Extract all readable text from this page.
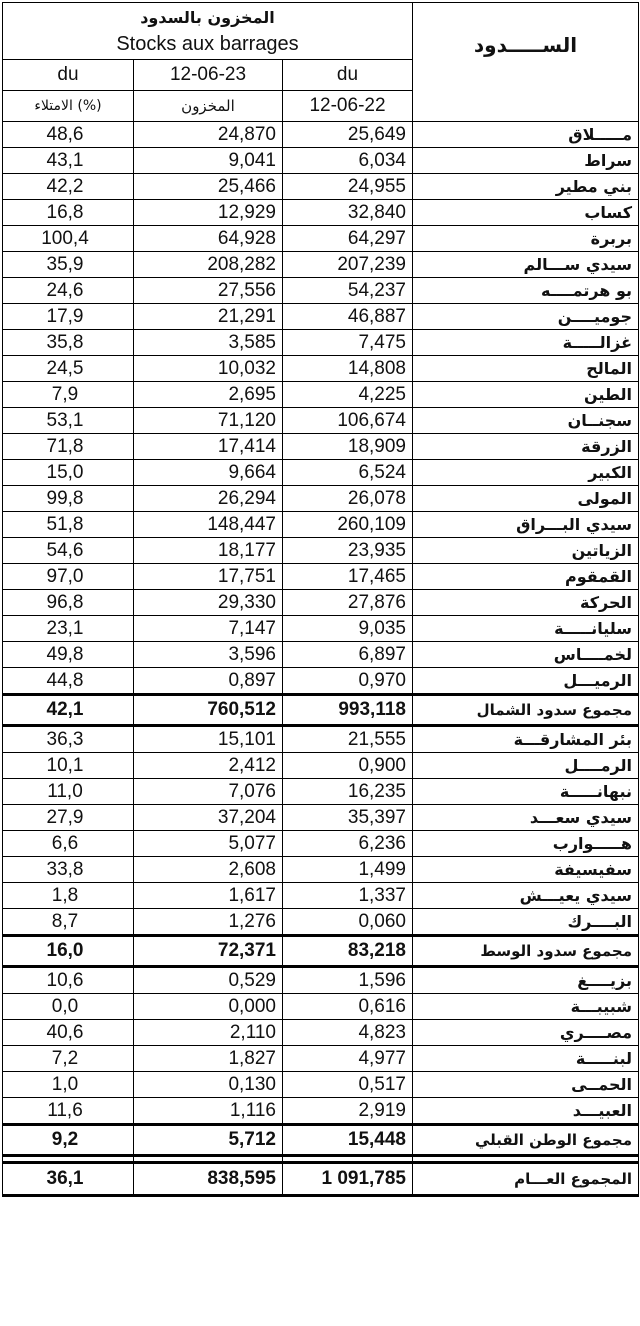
المخزون بالسدود
Stocks aux barrages			الســـــدود
du	12-06-23	du	
الامتلاء (%)	المخزون	12-06-22	
48,6	24,870	25,649	مـــــلاق
43,1	9,041	6,034	سراط
42,2	25,466	24,955	بني مطير
16,8	12,929	32,840	كساب
100,4	64,928	64,297	بربرة
35,9	208,282	207,239	سيدي ســـالم
24,6	27,556	54,237	بو هرتمــــه
17,9	21,291	46,887	جوميــــن
35,8	3,585	7,475	غزالـــــة
24,5	10,032	14,808	المالح
7,9	2,695	4,225	الطين
53,1	71,120	106,674	سجنــان
71,8	17,414	18,909	الزرقة
15,0	9,664	6,524	الكبير
99,8	26,294	26,078	المولى
51,8	148,447	260,109	سيدي البـــراق
54,6	18,177	23,935	الزياتين
97,0	17,751	17,465	القمقوم
96,8	29,330	27,876	الحركة
23,1	7,147	9,035	سليانـــــة
49,8	3,596	6,897	لخمــــاس
44,8	0,897	0,970	الرميـــل
42,1	760,512	993,118	مجموع سدود الشمال
36,3	15,101	21,555	بئر المشارقـــة
10,1	2,412	0,900	الرمــــل
11,0	7,076	16,235	نبهانـــــة
27,9	37,204	35,397	سيدي سعـــد
6,6	5,077	6,236	هـــــوارب
33,8	2,608	1,499	سفيسيفة
1,8	1,617	1,337	سيدي يعيـــش
8,7	1,276	0,060	البــــرك
16,0	72,371	83,218	مجموع سدود الوسط
10,6	0,529	1,596	بزيــــغ
0,0	0,000	0,616	شبيبـــة
40,6	2,110	4,823	مصــــري
7,2	1,827	4,977	لبنـــــة
1,0	0,130	0,517	الحمــى
11,6	1,116	2,919	العبيـــد
9,2	5,712	15,448	مجموع الوطن القبلي

36,1	838,595	1 091,785	المجموع العـــام
